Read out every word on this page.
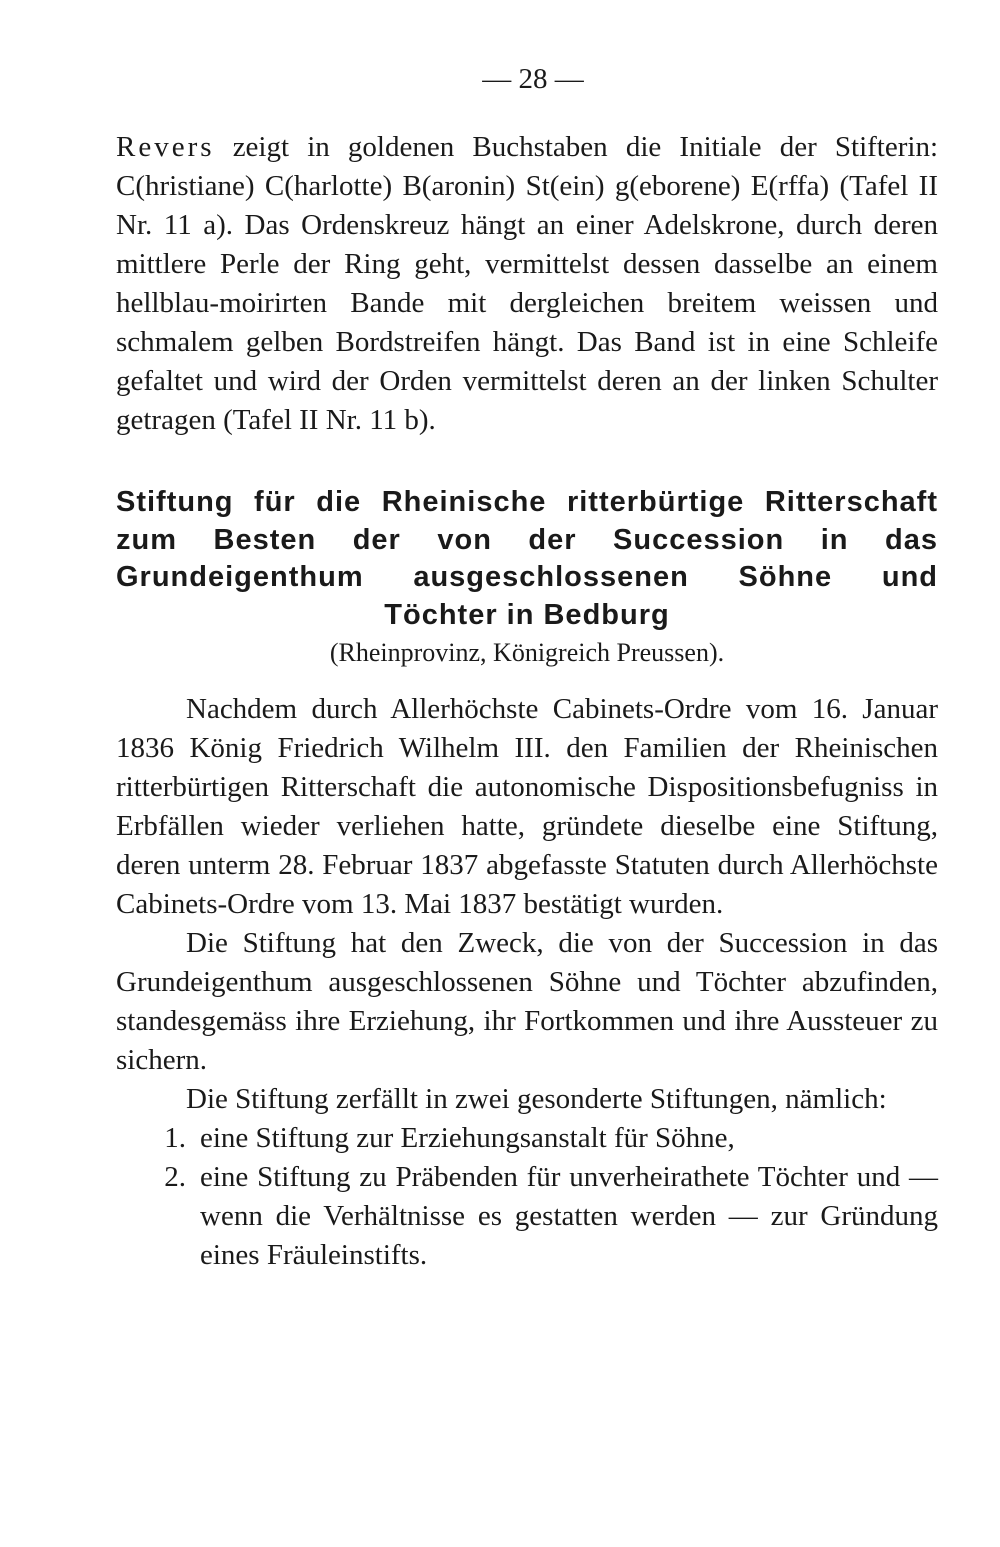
— 28 —

Revers zeigt in goldenen Buchstaben die Initiale der Stifterin: C(hristiane) C(harlotte) B(aronin) St(ein) g(eborene) E(rffa) (Tafel II Nr. 11 a). Das Ordenskreuz hängt an einer Adelskrone, durch deren mittlere Perle der Ring geht, vermittelst dessen dasselbe an einem hellblau-moirirten Bande mit dergleichen breitem weissen und schmalem gelben Bordstreifen hängt. Das Band ist in eine Schleife gefaltet und wird der Orden vermittelst deren an der linken Schulter getragen (Tafel II Nr. 11 b).

Stiftung für die Rheinische ritterbürtige Ritterschaft zum Besten der von der Succession in das Grundeigenthum ausgeschlossenen Söhne und Töchter in Bedburg
(Rheinprovinz, Königreich Preussen).

Nachdem durch Allerhöchste Cabinets-Ordre vom 16. Januar 1836 König Friedrich Wilhelm III. den Familien der Rheinischen ritterbürtigen Ritterschaft die autonomische Dispositionsbefugniss in Erbfällen wieder verliehen hatte, gründete dieselbe eine Stiftung, deren unterm 28. Februar 1837 abgefasste Statuten durch Allerhöchste Cabinets-Ordre vom 13. Mai 1837 bestätigt wurden.

Die Stiftung hat den Zweck, die von der Succession in das Grundeigenthum ausgeschlossenen Söhne und Töchter abzufinden, standesgemäss ihre Erziehung, ihr Fortkommen und ihre Aussteuer zu sichern.

Die Stiftung zerfällt in zwei gesonderte Stiftungen, nämlich:

1. eine Stiftung zur Erziehungsanstalt für Söhne,
2. eine Stiftung zu Präbenden für unverheirathete Töchter und — wenn die Verhältnisse es gestatten werden — zur Gründung eines Fräuleinstifts.
